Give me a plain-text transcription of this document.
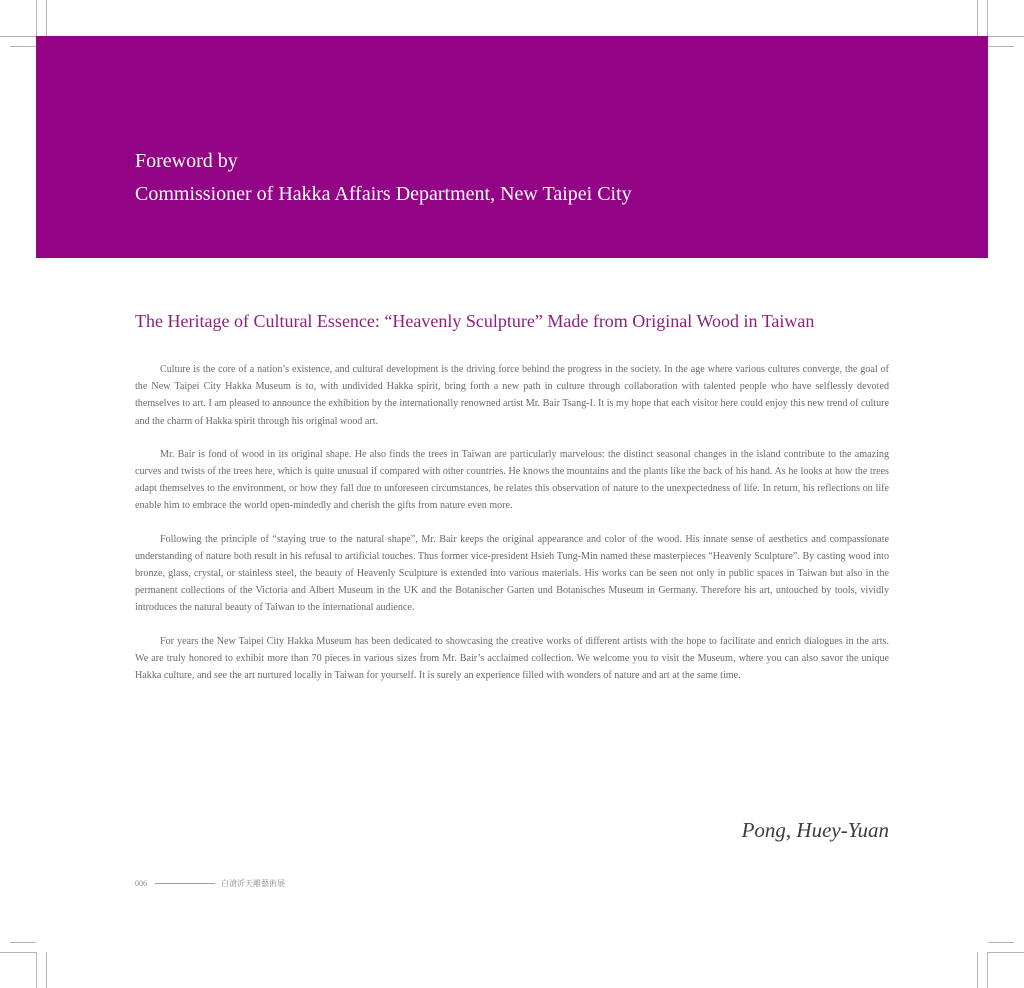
Foreword by
Commissioner of Hakka Affairs Department, New Taipei City
The Heritage of Cultural Essence: “Heavenly Sculpture” Made from Original Wood in Taiwan

Culture is the core of a nation’s existence, and cultural development is the driving force behind the progress in the society. In the age where various cultures converge, the goal of the New Taipei City Hakka Museum is to, with undivided Hakka spirit, bring forth a new path in culture through collaboration with talented people who have selflessly devoted themselves to art. I am pleased to announce the exhibition by the internationally renowned artist Mr. Bair Tsang-I. It is my hope that each visitor here could enjoy this new trend of culture and the charm of Hakka spirit through his original wood art.

Mr. Bair is fond of wood in its original shape. He also finds the trees in Taiwan are particularly marvelous: the distinct seasonal changes in the island contribute to the amazing curves and twists of the trees here, which is quite unusual if compared with other countries. He knows the mountains and the plants like the back of his hand. As he looks at how the trees adapt themselves to the environment, or how they fall due to unforeseen circumstances, he relates this observation of nature to the unexpectedness of life. In return, his reflections on life enable him to embrace the world open-mindedly and cherish the gifts from nature even more.

Following the principle of “staying true to the natural shape”, Mr. Bair keeps the original appearance and color of the wood. His innate sense of aesthetics and compassionate understanding of nature both result in his refusal to artificial touches. Thus former vice-president Hsieh Tung-Min named these masterpieces “Heavenly Sculpture”. By casting wood into bronze, glass, crystal, or stainless steel, the beauty of Heavenly Sculpture is extended into various materials. His works can be seen not only in public spaces in Taiwan but also in the permanent collections of the Victoria and Albert Museum in the UK and the Botanischer Garten und Botanisches Museum in Germany. Therefore his art, untouched by tools, vividly introduces the natural beauty of Taiwan to the international audience.

For years the New Taipei City Hakka Museum has been dedicated to showcasing the creative works of different artists with the hope to facilitate and enrich dialogues in the arts. We are truly honored to exhibit more than 70 pieces in various sizes from Mr. Bair’s acclaimed collection. We welcome you to visit the Museum, where you can also savor the unique Hakka culture, and see the art nurtured locally in Taiwan for yourself. It is surely an experience filled with wonders of nature and art at the same time.

Pong, Huey-Yuan

006	白滄沂天雕藝術展
